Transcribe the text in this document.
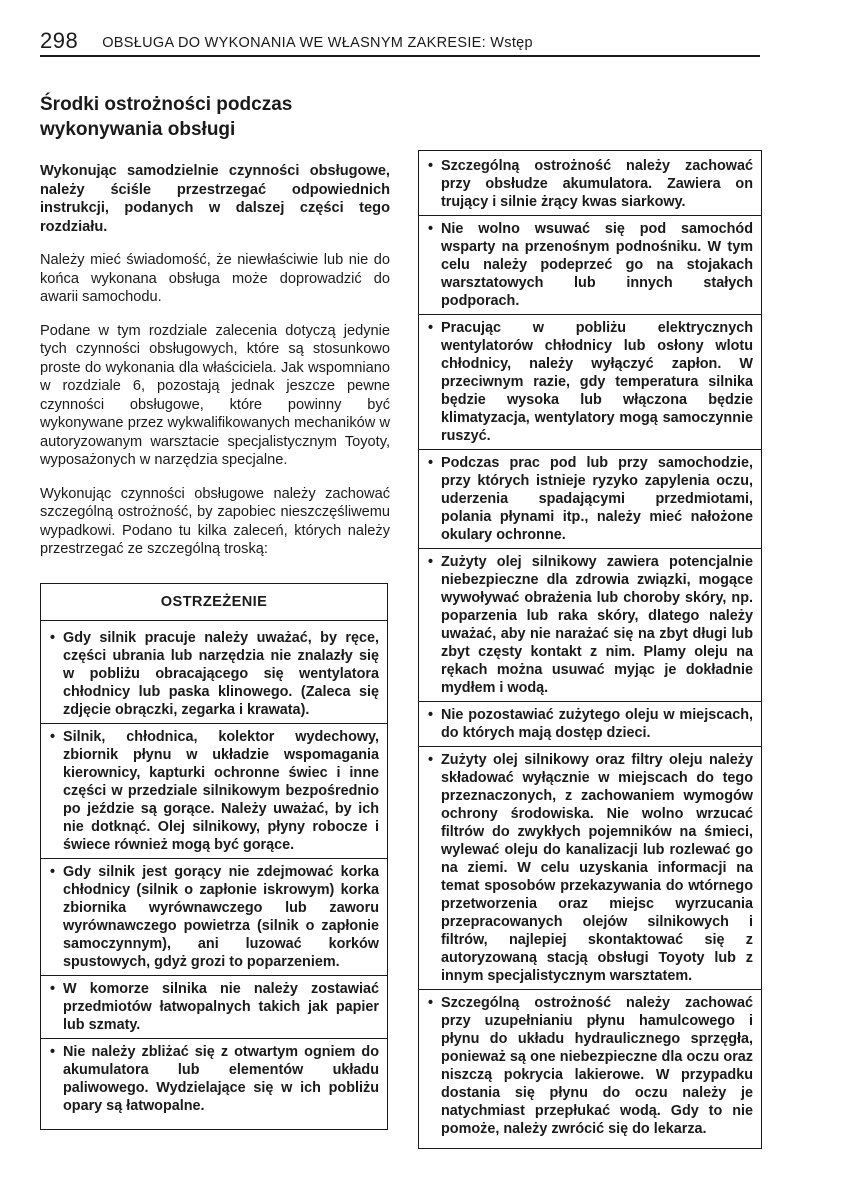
298 OBSŁUGA DO WYKONANIA WE WŁASNYM ZAKRESIE: Wstęp
Środki ostrożności podczas
wykonywania obsługi

Wykonując samodzielnie czynności obsługowe, należy ściśle przestrzegać odpowiednich instrukcji, podanych w dalszej części tego rozdziału.

Należy mieć świadomość, że niewłaściwie lub nie do końca wykonana obsługa może doprowadzić do awarii samochodu.

Podane w tym rozdziale zalecenia dotyczą jedynie tych czynności obsługowych, które są stosunkowo proste do wykonania dla właściciela. Jak wspomniano w rozdziale 6, pozostają jednak jeszcze pewne czynności obsługowe, które powinny być wykonywane przez wykwalifikowanych mechaników w autoryzowanym warsztacie specjalistycznym Toyoty, wyposażonych w narzędzia specjalne.

Wykonując czynności obsługowe należy zachować szczególną ostrożność, by zapobiec nieszczęśliwemu wypadkowi. Podano tu kilka zaleceń, których należy przestrzegać ze szczególną troską:

OSTRZEŻENIE
• Gdy silnik pracuje należy uważać, by ręce, części ubrania lub narzędzia nie znalazły się w pobliżu obracającego się wentylatora chłodnicy lub paska klinowego. (Zaleca się zdjęcie obrączki, zegarka i krawata).
• Silnik, chłodnica, kolektor wydechowy, zbiornik płynu w układzie wspomagania kierownicy, kapturki ochronne świec i inne części w przedziale silnikowym bezpośrednio po jeździe są gorące. Należy uważać, by ich nie dotknąć. Olej silnikowy, płyny robocze i świece również mogą być gorące.
• Gdy silnik jest gorący nie zdejmować korka chłodnicy (silnik o zapłonie iskrowym) korka zbiornika wyrównawczego lub zaworu wyrównawczego powietrza (silnik o zapłonie samoczynnym), ani luzować korków spustowych, gdyż grozi to poparzeniem.
• W komorze silnika nie należy zostawiać przedmiotów łatwopalnych takich jak papier lub szmaty.
• Nie należy zbliżać się z otwartym ogniem do akumulatora lub elementów układu paliwowego. Wydzielające się w ich pobliżu opary są łatwopalne.
• Szczególną ostrożność należy zachować przy obsłudze akumulatora. Zawiera on trujący i silnie żrący kwas siarkowy.
• Nie wolno wsuwać się pod samochód wsparty na przenośnym podnośniku. W tym celu należy podeprzeć go na stojakach warsztatowych lub innych stałych podporach.
• Pracując w pobliżu elektrycznych wentylatorów chłodnicy lub osłony wlotu chłodnicy, należy wyłączyć zapłon. W przeciwnym razie, gdy temperatura silnika będzie wysoka lub włączona będzie klimatyzacja, wentylatory mogą samoczynnie ruszyć.
• Podczas prac pod lub przy samochodzie, przy których istnieje ryzyko zapylenia oczu, uderzenia spadającymi przedmiotami, polania płynami itp., należy mieć nałożone okulary ochronne.
• Zużyty olej silnikowy zawiera potencjalnie niebezpieczne dla zdrowia związki, mogące wywoływać obrażenia lub choroby skóry, np. poparzenia lub raka skóry, dlatego należy uważać, aby nie narażać się na zbyt długi lub zbyt częsty kontakt z nim. Plamy oleju na rękach można usuwać myjąc je dokładnie mydłem i wodą.
• Nie pozostawiać zużytego oleju w miejscach, do których mają dostęp dzieci.
• Zużyty olej silnikowy oraz filtry oleju należy składować wyłącznie w miejscach do tego przeznaczonych, z zachowaniem wymogów ochrony środowiska. Nie wolno wrzucać filtrów do zwykłych pojemników na śmieci, wylewać oleju do kanalizacji lub rozlewać go na ziemi. W celu uzyskania informacji na temat sposobów przekazywania do wtórnego przetworzenia oraz miejsc wyrzucania przepracowanych olejów silnikowych i filtrów, najlepiej skontaktować się z autoryzowaną stacją obsługi Toyoty lub z innym specjalistycznym warsztatem.
• Szczególną ostrożność należy zachować przy uzupełnianiu płynu hamulcowego i płynu do układu hydraulicznego sprzęgła, ponieważ są one niebezpieczne dla oczu oraz niszczą pokrycia lakierowe. W przypadku dostania się płynu do oczu należy je natychmiast przepłukać wodą. Gdy to nie pomoże, należy zwrócić się do lekarza.
